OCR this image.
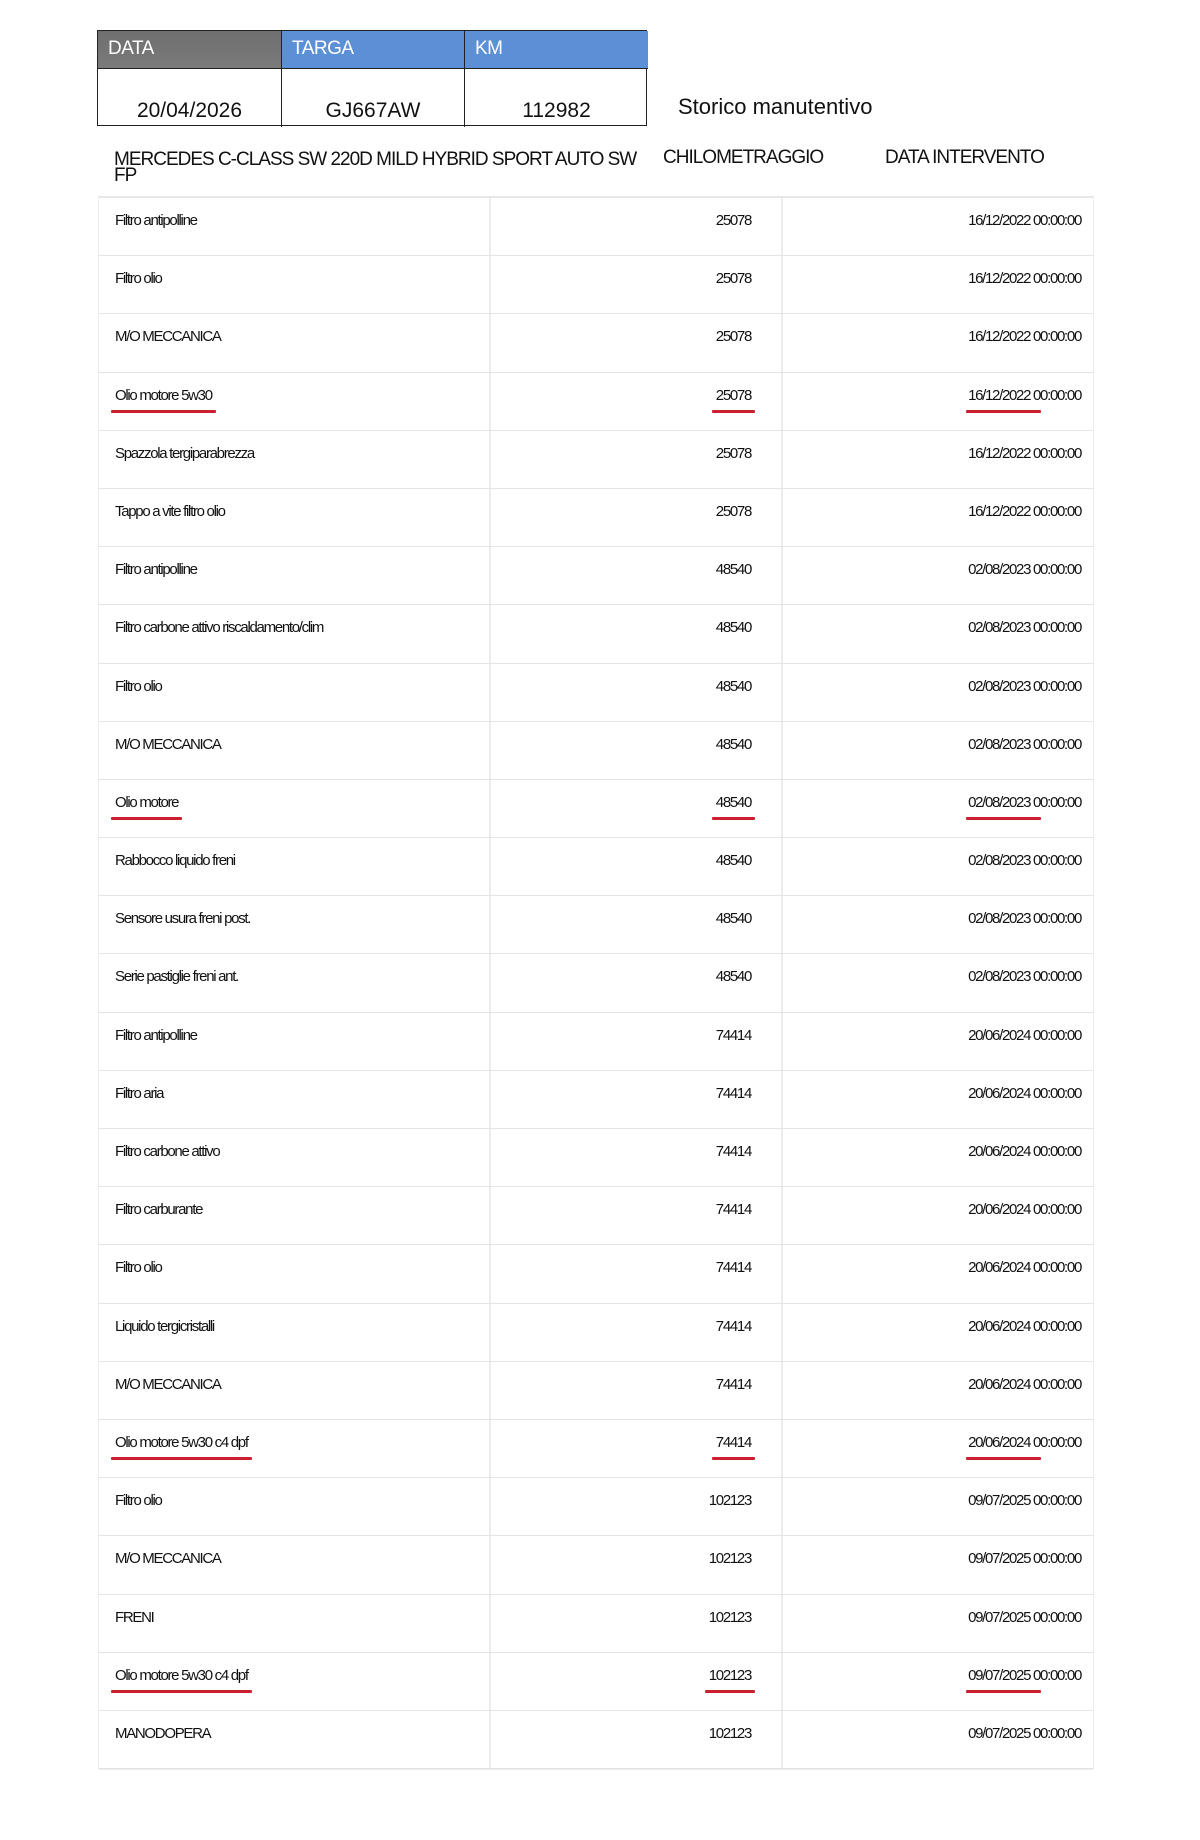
DATA	TARGA	KM
20/04/2026	GJ667AW	112982	Storico manutentivo
MERCEDES C-CLASS SW 220D MILD HYBRID SPORT AUTO SW FP
CHILOMETRAGGIO	DATA INTERVENTO
Filtro antipolline	25078	16/12/2022 00:00:00
Filtro olio	25078	16/12/2022 00:00:00
M/O MECCANICA	25078	16/12/2022 00:00:00
Olio motore 5w30	25078	16/12/2022 00:00:00
Spazzola tergiparabrezza	25078	16/12/2022 00:00:00
Tappo a vite filtro olio	25078	16/12/2022 00:00:00
Filtro antipolline	48540	02/08/2023 00:00:00
Filtro carbone attivo riscaldamento/clim	48540	02/08/2023 00:00:00
Filtro olio	48540	02/08/2023 00:00:00
M/O MECCANICA	48540	02/08/2023 00:00:00
Olio motore	48540	02/08/2023 00:00:00
Rabbocco liquido freni	48540	02/08/2023 00:00:00
Sensore usura freni post.	48540	02/08/2023 00:00:00
Serie pastiglie freni ant.	48540	02/08/2023 00:00:00
Filtro antipolline	74414	20/06/2024 00:00:00
Filtro aria	74414	20/06/2024 00:00:00
Filtro carbone attivo	74414	20/06/2024 00:00:00
Filtro carburante	74414	20/06/2024 00:00:00
Filtro olio	74414	20/06/2024 00:00:00
Liquido tergicristalli	74414	20/06/2024 00:00:00
M/O MECCANICA	74414	20/06/2024 00:00:00
Olio motore 5w30 c4 dpf	74414	20/06/2024 00:00:00
Filtro olio	102123	09/07/2025 00:00:00
M/O MECCANICA	102123	09/07/2025 00:00:00
FRENI	102123	09/07/2025 00:00:00
Olio motore 5w30 c4 dpf	102123	09/07/2025 00:00:00
MANODOPERA	102123	09/07/2025 00:00:00
